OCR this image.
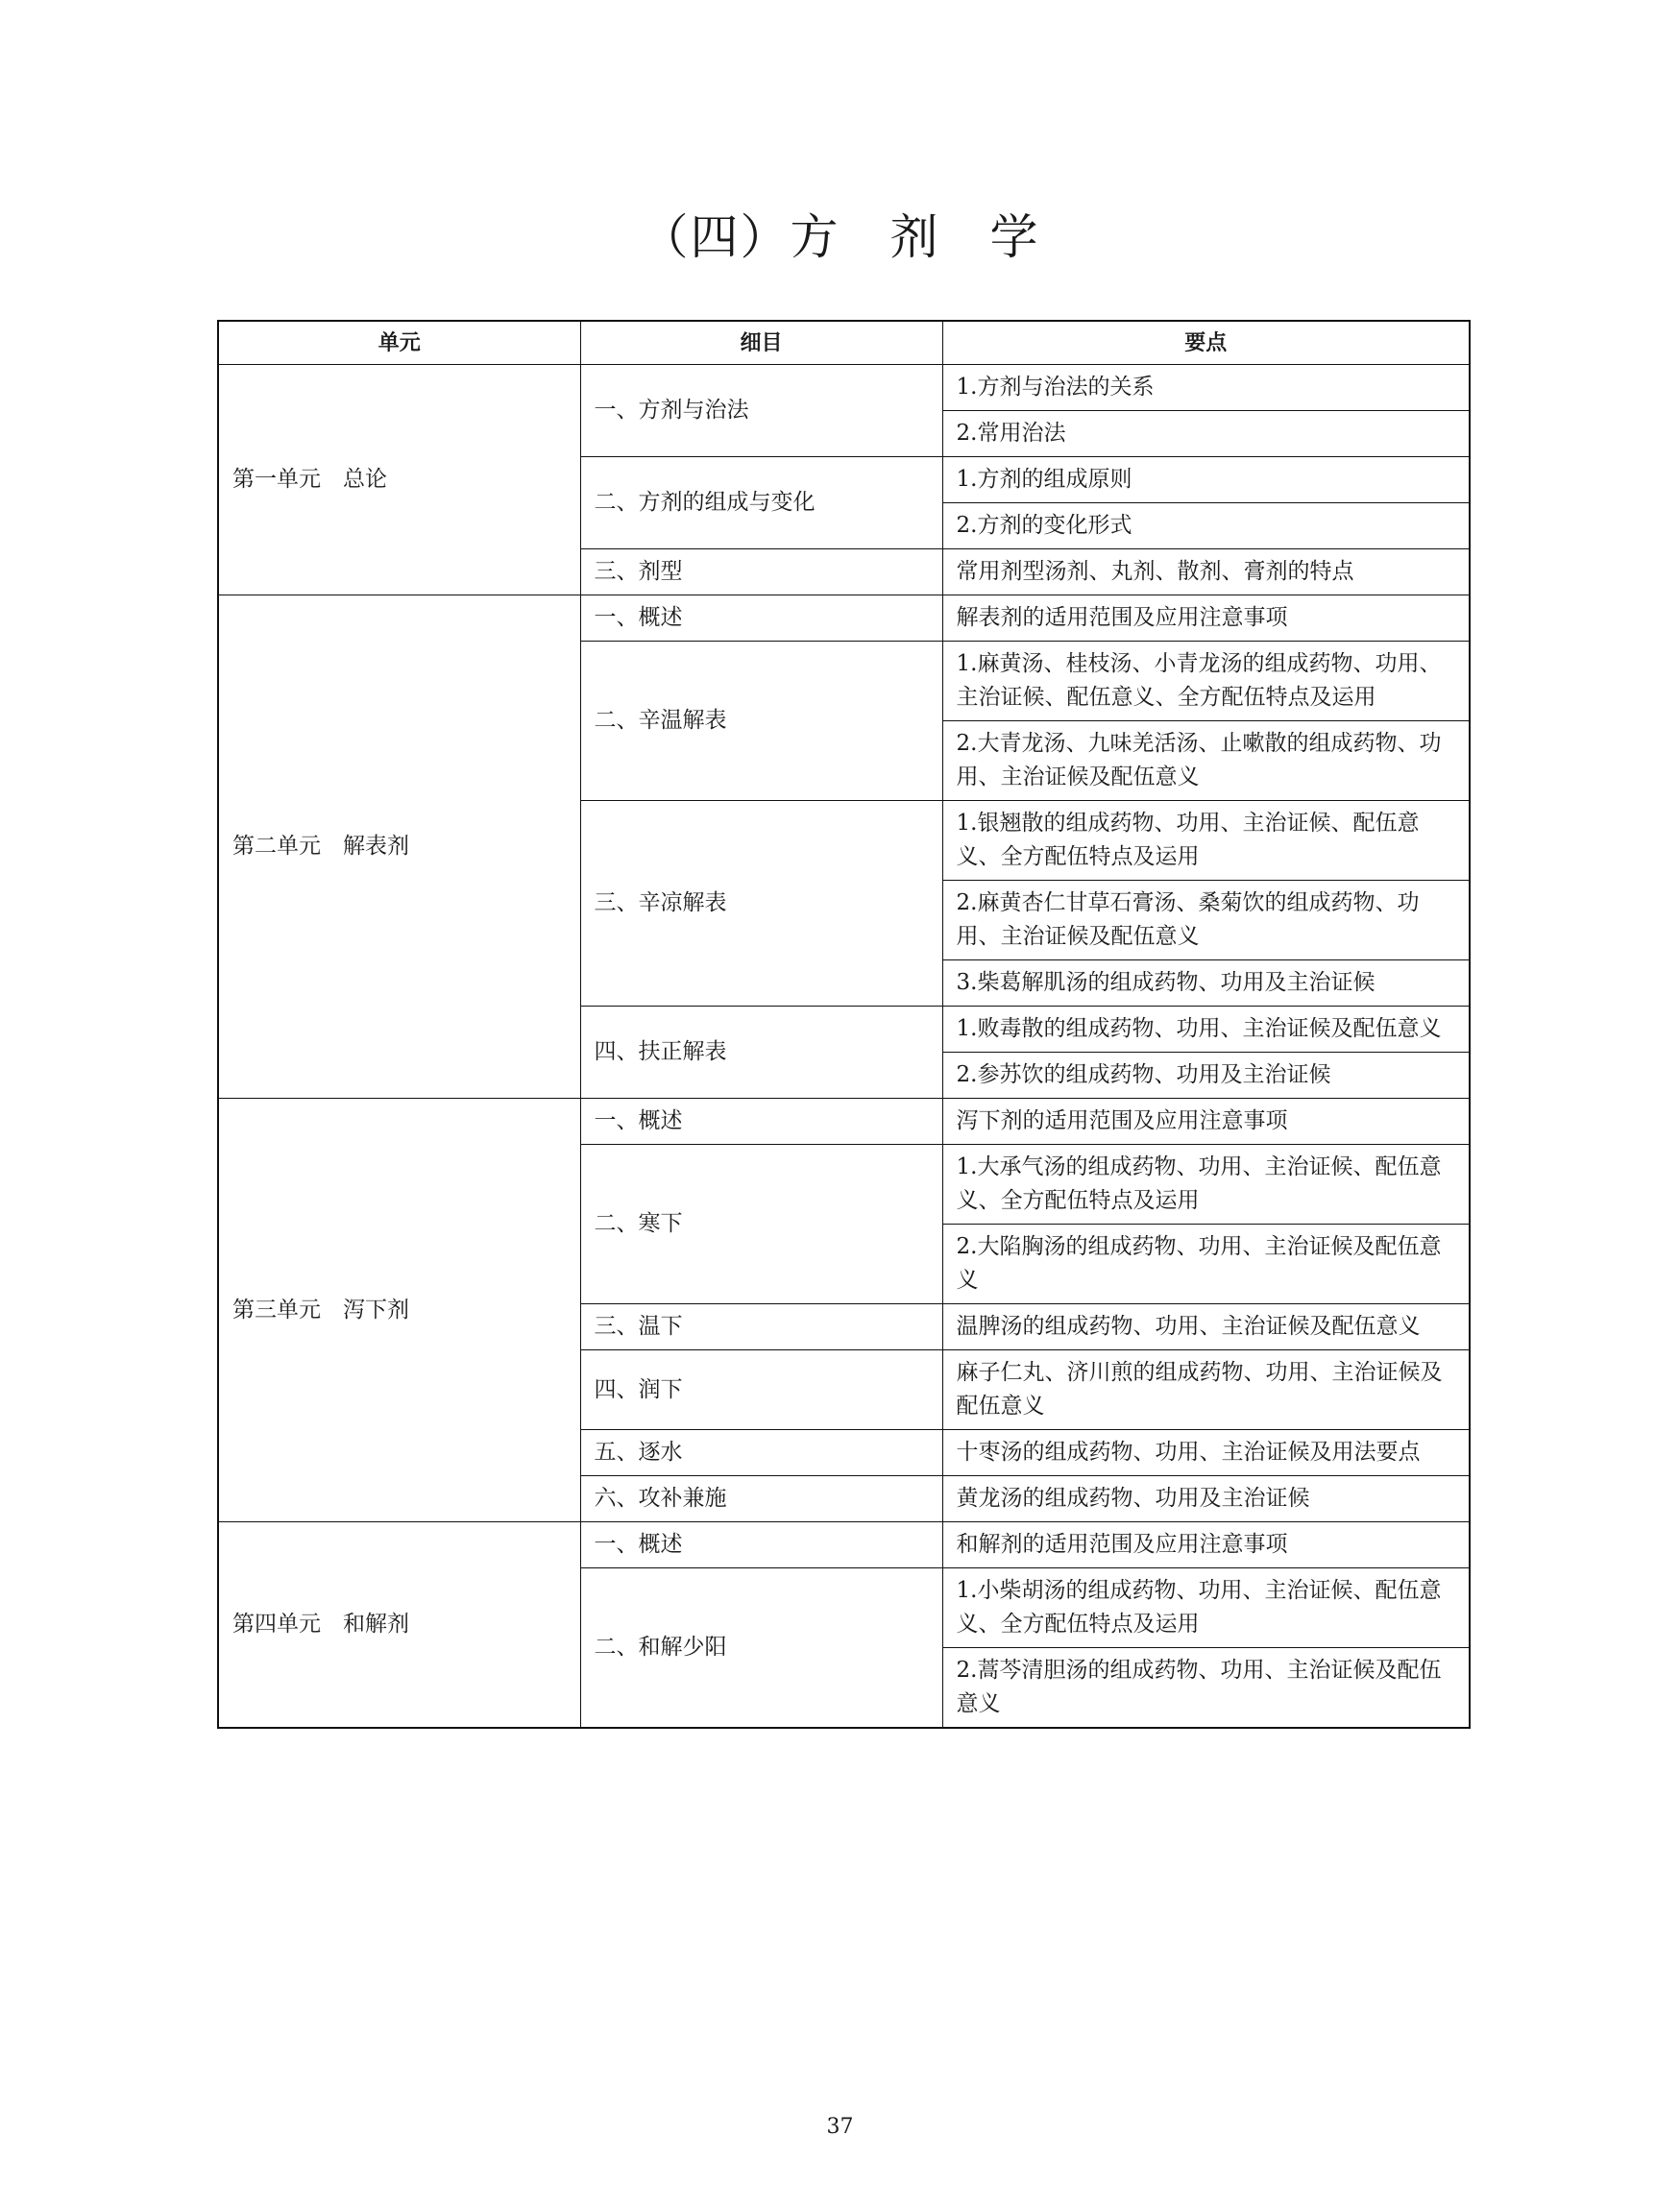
（四）方　剂　学
单元	细目	要点
第一单元　总论	一、方剂与治法	1.方剂与治法的关系
		2.常用治法
	二、方剂的组成与变化	1.方剂的组成原则
		2.方剂的变化形式
	三、剂型	常用剂型汤剂、丸剂、散剂、膏剂的特点
第二单元　解表剂	一、概述	解表剂的适用范围及应用注意事项
	二、辛温解表	1.麻黄汤、桂枝汤、小青龙汤的组成药物、功用、主治证候、配伍意义、全方配伍特点及运用
		2.大青龙汤、九味羌活汤、止嗽散的组成药物、功用、主治证候及配伍意义
	三、辛凉解表	1.银翘散的组成药物、功用、主治证候、配伍意义、全方配伍特点及运用
		2.麻黄杏仁甘草石膏汤、桑菊饮的组成药物、功用、主治证候及配伍意义
		3.柴葛解肌汤的组成药物、功用及主治证候
	四、扶正解表	1.败毒散的组成药物、功用、主治证候及配伍意义
		2.参苏饮的组成药物、功用及主治证候
第三单元　泻下剂	一、概述	泻下剂的适用范围及应用注意事项
	二、寒下	1.大承气汤的组成药物、功用、主治证候、配伍意义、全方配伍特点及运用
		2.大陷胸汤的组成药物、功用、主治证候及配伍意义
	三、温下	温脾汤的组成药物、功用、主治证候及配伍意义
	四、润下	麻子仁丸、济川煎的组成药物、功用、主治证候及配伍意义
	五、逐水	十枣汤的组成药物、功用、主治证候及用法要点
	六、攻补兼施	黄龙汤的组成药物、功用及主治证候
第四单元　和解剂	一、概述	和解剂的适用范围及应用注意事项
	二、和解少阳	1.小柴胡汤的组成药物、功用、主治证候、配伍意义、全方配伍特点及运用
		2.蒿芩清胆汤的组成药物、功用、主治证候及配伍意义
37
